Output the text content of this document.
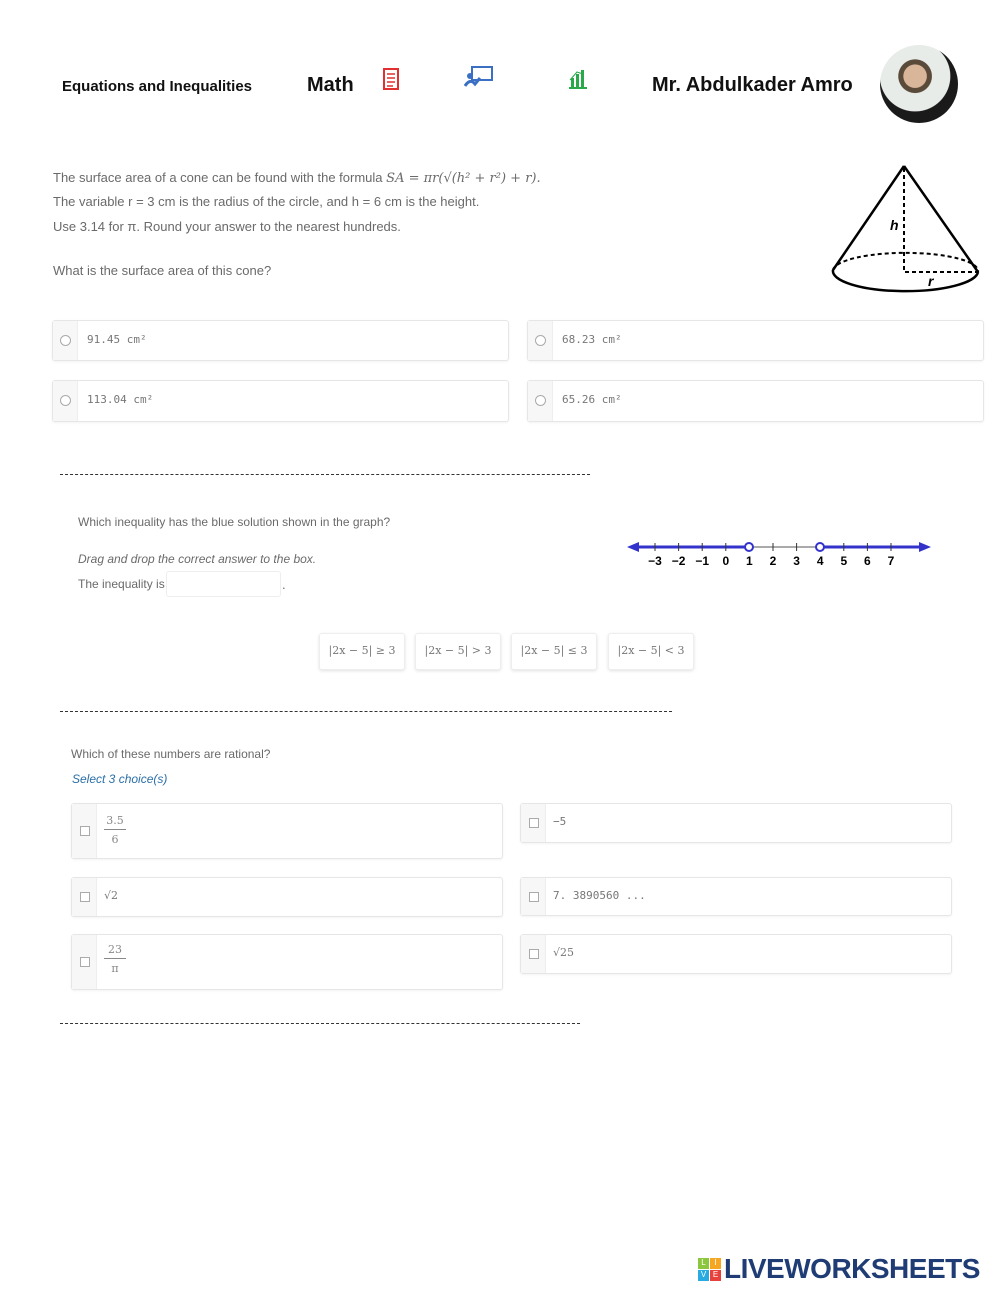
Equations and Inequalities	Math	Mr. Abdulkader Amro
The surface area of a cone can be found with the formula SA = πr(√(h² + r²) + r).
The variable r = 3 cm is the radius of the circle, and h = 6 cm is the height.
Use 3.14 for π. Round your answer to the nearest hundreds.
What is the surface area of this cone?
h
r
91.45 cm²	68.23 cm²
113.04 cm²	65.26 cm²
Which inequality has the blue solution shown in the graph?
Drag and drop the correct answer to the box.
The inequality is	.
−3 −2 −1 0 1 2 3 4 5 6 7
|2x − 5| ≥ 3	|2x − 5| > 3	|2x − 5| ≤ 3	|2x − 5| < 3
Which of these numbers are rational?
Select 3 choice(s)
$\frac{3.5}{6}$	−5
√2	7. 3890560 ...
$\frac{23}{\pi}$	√25
L	I
V E LIVEWORKSHEETS
